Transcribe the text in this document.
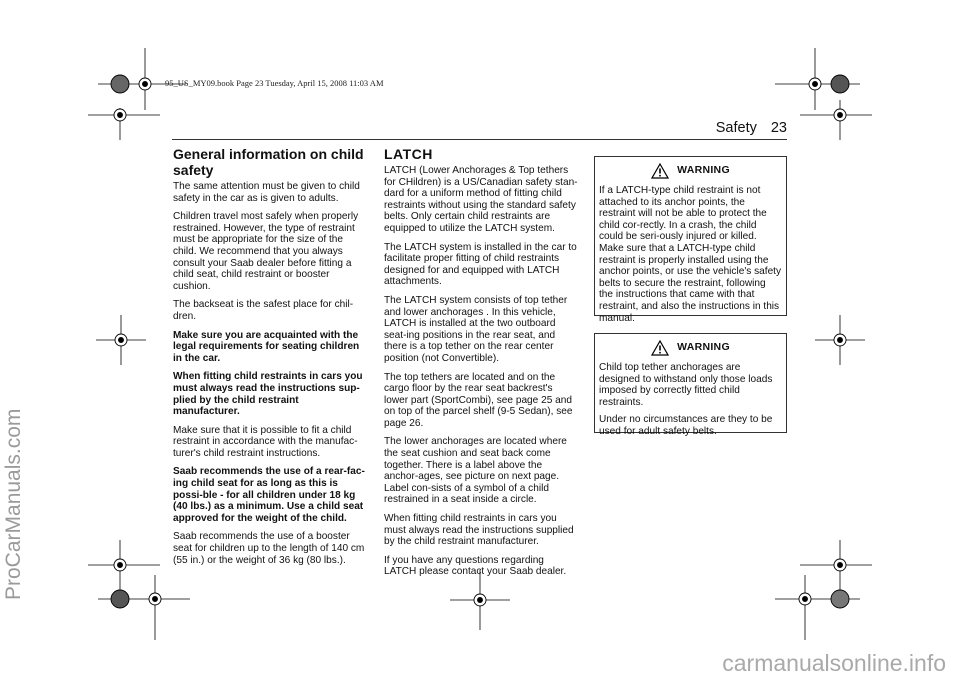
95_US_MY09.book Page 23 Tuesday, April 15, 2008 11:03 AM
Safety 23
ProCarManuals.com
carmanualsonline.info
General information on child safety

The same attention must be given to child safety in the car as is given to adults.

Children travel most safely when properly restrained. However, the type of restraint must be appropriate for the size of the child. We recommend that you always consult your Saab dealer before fitting a child seat, child restraint or booster cushion.

The backseat is the safest place for chil-dren.

Make sure you are acquainted with the legal requirements for seating children in the car.

When fitting child restraints in cars you must always read the instructions sup-plied by the child restraint manufacturer.

Make sure that it is possible to fit a child restraint in accordance with the manufac-turer's child restraint instructions.

Saab recommends the use of a rear-fac-ing child seat for as long as this is possi-ble - for all children under 18 kg (40 lbs.) as a minimum. Use a child seat approved for the weight of the child.

Saab recommends the use of a booster seat for children up to the length of 140 cm (55 in.) or the weight of 36 kg (80 lbs.).

LATCH

LATCH (Lower Anchorages & Top tethers for CHildren) is a US/Canadian safety stan-dard for a uniform method of fitting child restraints without using the standard safety belts. Only certain child restraints are equipped to utilize the LATCH system.

The LATCH system is installed in the car to facilitate proper fitting of child restraints designed for and equipped with LATCH attachments.

The LATCH system consists of top tether and lower anchorages . In this vehicle, LATCH is installed at the two outboard seat-ing positions in the rear seat, and there is a top tether on the rear center position (not Convertible).

The top tethers are located and on the cargo floor by the rear seat backrest's lower part (SportCombi), see page 25 and on top of the parcel shelf (9-5 Sedan), see page 26.

The lower anchorages are located where the seat cushion and seat back come together. There is a label above the anchor-ages, see picture on next page. Label con-sists of a symbol of a child restrained in a seat inside a circle.

When fitting child restraints in cars you must always read the instructions supplied by the child restraint manufacturer.

If you have any questions regarding LATCH please contact your Saab dealer.

WARNING

If a LATCH-type child restraint is not attached to its anchor points, the restraint will not be able to protect the child cor-rectly. In a crash, the child could be seri-ously injured or killed. Make sure that a LATCH-type child restraint is properly installed using the anchor points, or use the vehicle's safety belts to secure the restraint, following the instructions that came with that restraint, and also the instructions in this manual.

WARNING

Child top tether anchorages are designed to withstand only those loads imposed by correctly fitted child restraints.

Under no circumstances are they to be used for adult safety belts.
